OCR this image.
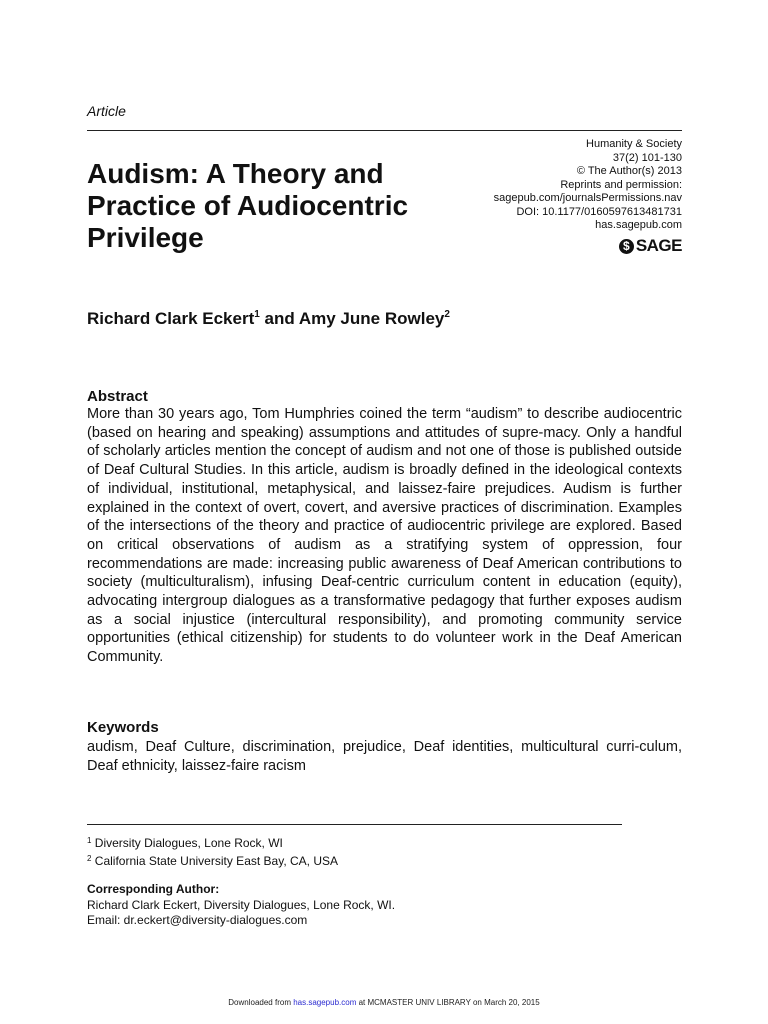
Article
Audism: A Theory and
Practice of Audiocentric
Privilege
Humanity & Society
37(2) 101-130
© The Author(s) 2013
Reprints and permission:
sagepub.com/journalsPermissions.nav
DOI: 10.1177/0160597613481731
has.sagepub.com
$ SAGE
Richard Clark Eckert$^1$ and Amy June Rowley$^2$
Abstract

More than 30 years ago, Tom Humphries coined the term “audism” to describe audiocentric (based on hearing and speaking) assumptions and attitudes of supre-macy. Only a handful of scholarly articles mention the concept of audism and not one of those is published outside of Deaf Cultural Studies. In this article, audism is broadly defined in the ideological contexts of individual, institutional, metaphysical, and laissez-faire prejudices. Audism is further explained in the context of overt, covert, and aversive practices of discrimination. Examples of the intersections of the theory and practice of audiocentric privilege are explored. Based on critical observations of audism as a stratifying system of oppression, four recommendations are made: increasing public awareness of Deaf American contributions to society (multiculturalism), infusing Deaf-centric curriculum content in education (equity), advocating intergroup dialogues as a transformative pedagogy that further exposes audism as a social injustice (intercultural responsibility), and promoting community service opportunities (ethical citizenship) for students to do volunteer work in the Deaf American Community.

Keywords

audism, Deaf Culture, discrimination, prejudice, Deaf identities, multicultural curri-culum, Deaf ethnicity, laissez-faire racism

$^1$ Diversity Dialogues, Lone Rock, WI
$^2$ California State University East Bay, CA, USA
Corresponding Author:
Richard Clark Eckert, Diversity Dialogues, Lone Rock, WI.
Email: dr.eckert@diversity-dialogues.com
Downloaded from has.sagepub.com at MCMASTER UNIV LIBRARY on March 20, 2015
